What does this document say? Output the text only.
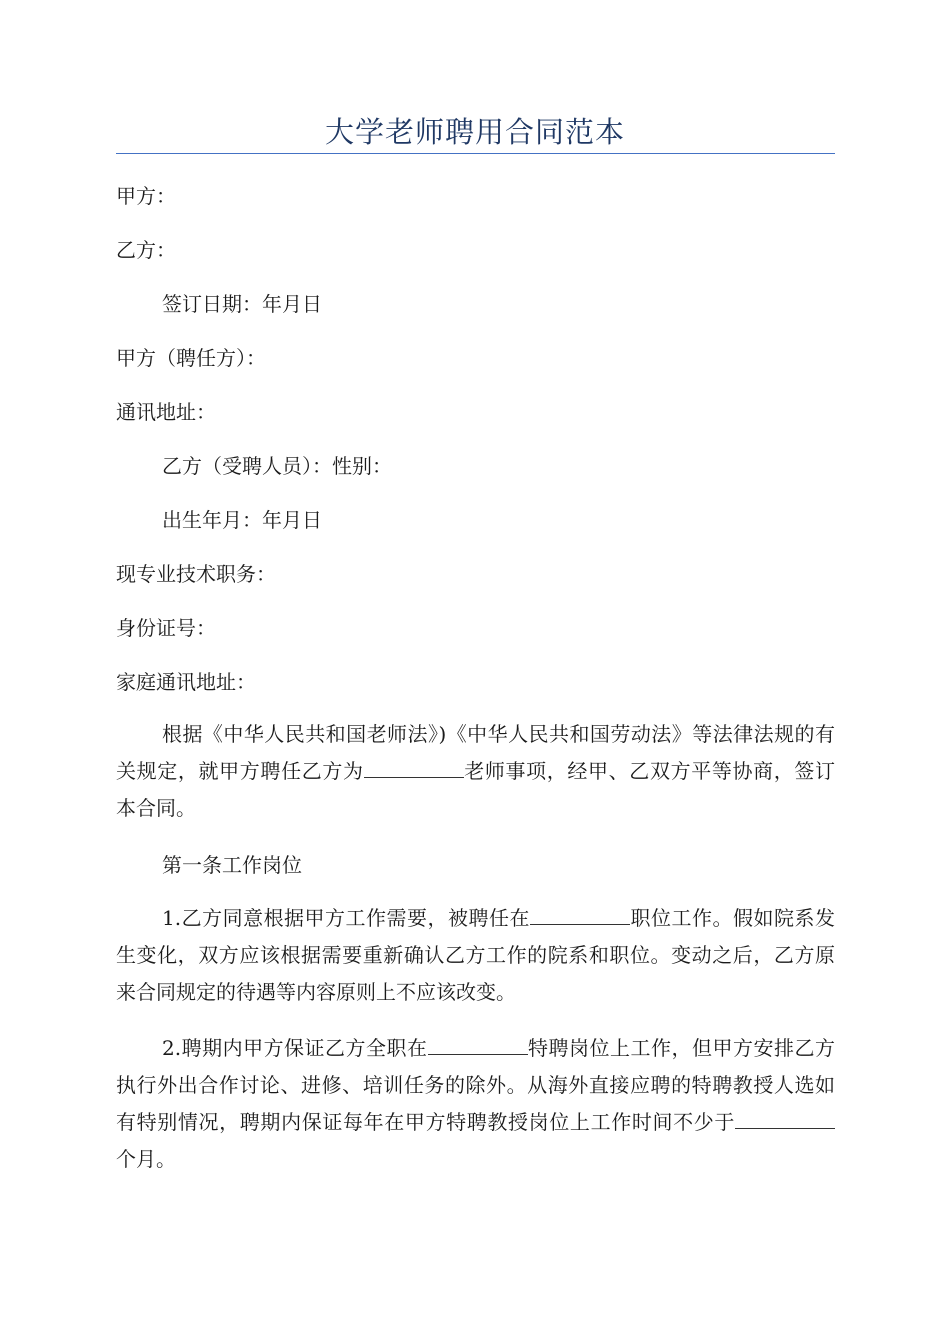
大学老师聘用合同范本
甲方：
乙方：
签订日期：年月日
甲方（聘任方）：
通讯地址：
乙方（受聘人员）：性别：
出生年月：年月日
现专业技术职务：
身份证号：
家庭通讯地址：
根据《中华人民共和国老师法》)《中华人民共和国劳动法》等法律法规的有关规定，就甲方聘任乙方为	老师事项，经甲、乙双方平等协商，签订本合同。
第一条工作岗位
1.乙方同意根据甲方工作需要，被聘任在	职位工作。假如院系发生变化，双方应该根据需要重新确认乙方工作的院系和职位。变动之后，乙方原来合同规定的待遇等内容原则上不应该改变。
2.聘期内甲方保证乙方全职在	特聘岗位上工作，但甲方安排乙方执行外出合作讨论、进修、培训任务的除外。从海外直接应聘的特聘教授人选如有特别情况，聘期内保证每年在甲方特聘教授岗位上工作时间不少于个月。
